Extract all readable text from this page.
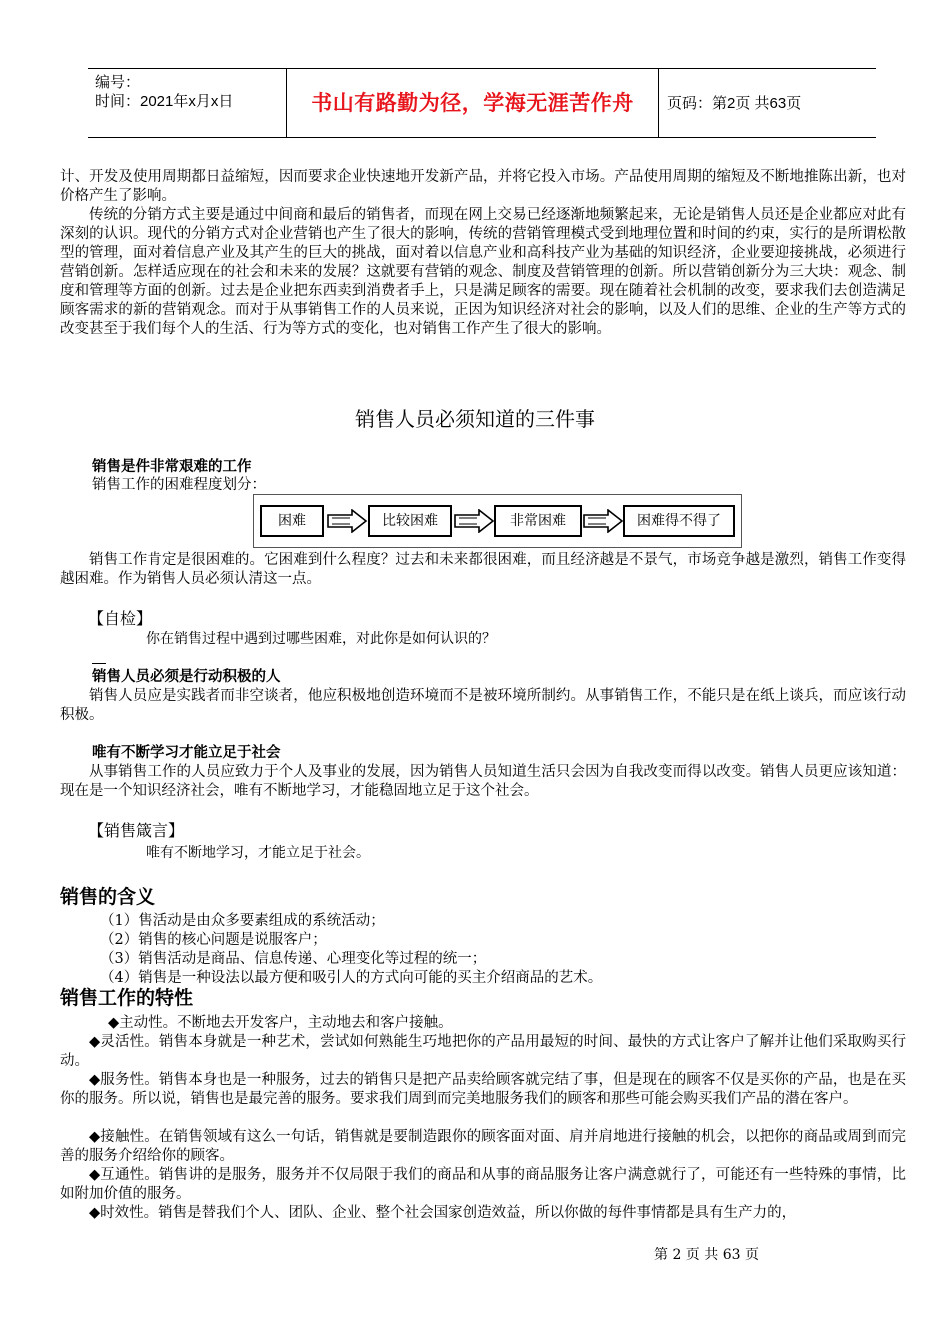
编号：
时间：2021年x月x日	书山有路勤为径，学海无涯苦作舟	页码：第2页 共63页

计、开发及使用周期都日益缩短，因而要求企业快速地开发新产品，并将它投入市场。产品使用周期的缩短及不断地推陈出新，也对价格产生了影响。

传统的分销方式主要是通过中间商和最后的销售者，而现在网上交易已经逐渐地频繁起来，无论是销售人员还是企业都应对此有深刻的认识。现代的分销方式对企业营销也产生了很大的影响，传统的营销管理模式受到地理位置和时间的约束，实行的是所谓松散型的管理，面对着信息产业及其产生的巨大的挑战，面对着以信息产业和高科技产业为基础的知识经济，企业要迎接挑战，必须进行营销创新。怎样适应现在的社会和未来的发展？这就要有营销的观念、制度及营销管理的创新。所以营销创新分为三大块：观念、制度和管理等方面的创新。过去是企业把东西卖到消费者手上，只是满足顾客的需要。现在随着社会机制的改变，要求我们去创造满足顾客需求的新的营销观念。而对于从事销售工作的人员来说，正因为知识经济对社会的影响，以及人们的思维、企业的生产等方式的改变甚至于我们每个人的生活、行为等方式的变化，也对销售工作产生了很大的影响。

销售人员必须知道的三件事
销售是件非常艰难的工作
销售工作的困难程度划分：
困难	比较困难	非常困难	困难得不得了

销售工作肯定是很困难的。它困难到什么程度？过去和未来都很困难，而且经济越是不景气，市场竞争越是激烈，销售工作变得越困难。作为销售人员必须认清这一点。

【自检】
你在销售过程中遇到过哪些困难，对此你是如何认识的？
销售人员必须是行动积极的人

销售人员应是实践者而非空谈者，他应积极地创造环境而不是被环境所制约。从事销售工作，不能只是在纸上谈兵，而应该行动积极。

唯有不断学习才能立足于社会

从事销售工作的人员应致力于个人及事业的发展，因为销售人员知道生活只会因为自我改变而得以改变。销售人员更应该知道：现在是一个知识经济社会，唯有不断地学习，才能稳固地立足于这个社会。

【销售箴言】
唯有不断地学习，才能立足于社会。
销售的含义
（1）售活动是由众多要素组成的系统活动；
（2）销售的核心问题是说服客户；
（3）销售活动是商品、信息传递、心理变化等过程的统一；
（4）销售是一种设法以最方便和吸引人的方式向可能的买主介绍商品的艺术。
销售工作的特性
◆主动性。不断地去开发客户，主动地去和客户接触。

◆灵活性。销售本身就是一种艺术，尝试如何熟能生巧地把你的产品用最短的时间、最快的方式让客户了解并让他们采取购买行动。

◆服务性。销售本身也是一种服务，过去的销售只是把产品卖给顾客就完结了事，但是现在的顾客不仅是买你的产品，也是在买你的服务。所以说，销售也是最完善的服务。要求我们周到而完美地服务我们的顾客和那些可能会购买我们产品的潜在客户。

◆接触性。在销售领域有这么一句话，销售就是要制造跟你的顾客面对面、肩并肩地进行接触的机会，以把你的商品或周到而完善的服务介绍给你的顾客。

◆互通性。销售讲的是服务，服务并不仅局限于我们的商品和从事的商品服务让客户满意就行了，可能还有一些特殊的事情，比如附加价值的服务。

◆时效性。销售是替我们个人、团队、企业、整个社会国家创造效益，所以你做的每件事情都是具有生产力的，

第 2 页 共 63 页
